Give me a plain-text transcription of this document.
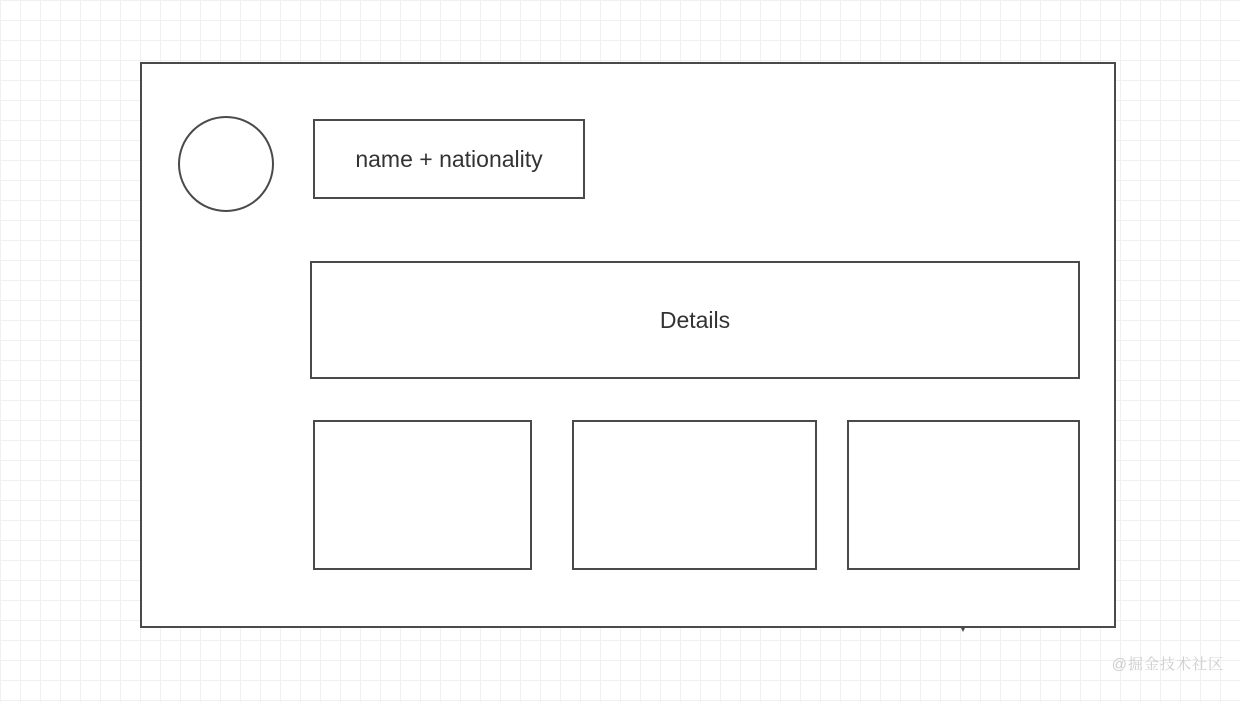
name + nationality
Details
@掘金技术社区
